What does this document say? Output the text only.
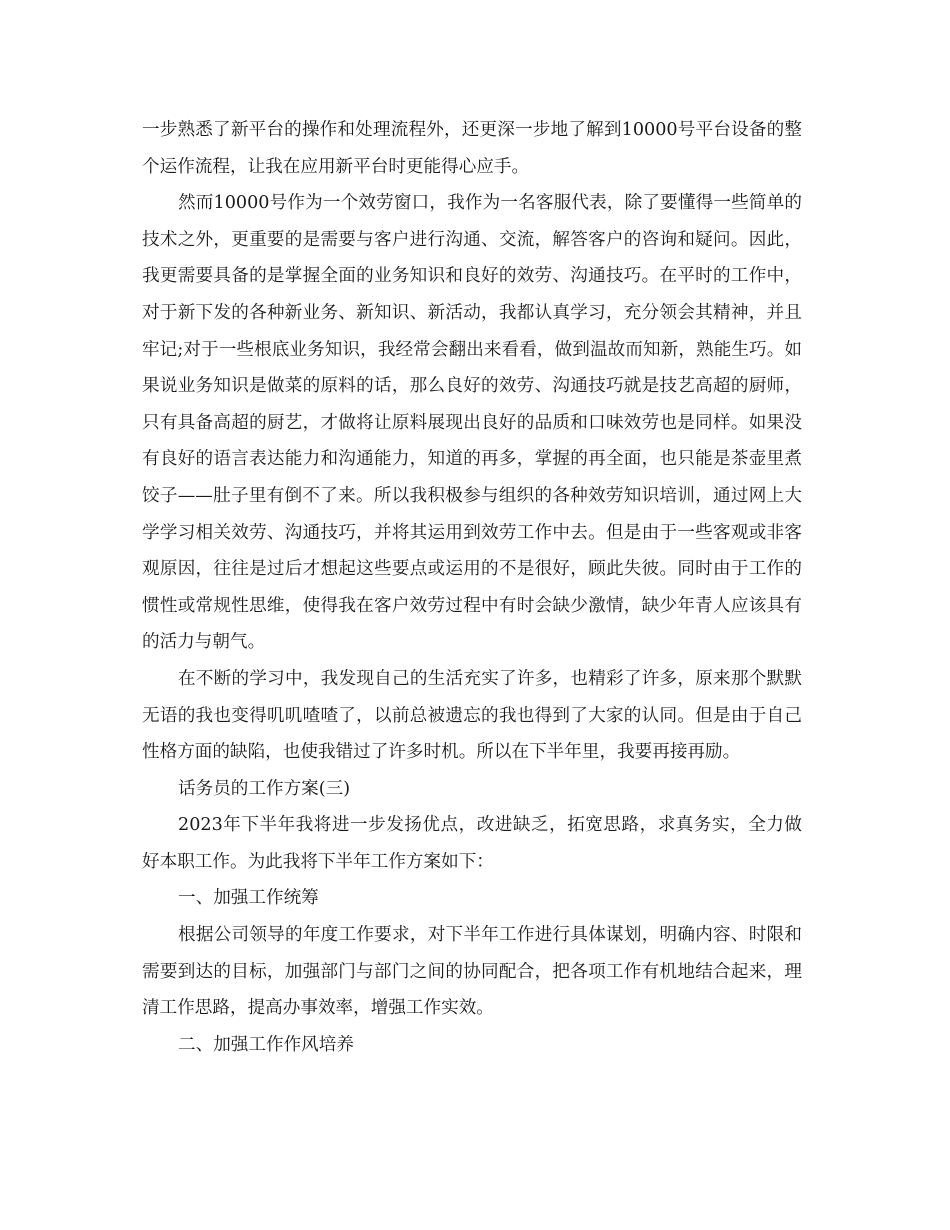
一步熟悉了新平台的操作和处理流程外，还更深一步地了解到10000号平台设备的整个运作流程，让我在应用新平台时更能得心应手。

然而10000号作为一个效劳窗口，我作为一名客服代表，除了要懂得一些简单的技术之外，更重要的是需要与客户进行沟通、交流，解答客户的咨询和疑问。因此，我更需要具备的是掌握全面的业务知识和良好的效劳、沟通技巧。在平时的工作中，对于新下发的各种新业务、新知识、新活动，我都认真学习，充分领会其精神，并且牢记;对于一些根底业务知识，我经常会翻出来看看，做到温故而知新，熟能生巧。如果说业务知识是做菜的原料的话，那么良好的效劳、沟通技巧就是技艺高超的厨师，只有具备高超的厨艺，才做将让原料展现出良好的品质和口味效劳也是同样。如果没有良好的语言表达能力和沟通能力，知道的再多，掌握的再全面，也只能是茶壶里煮饺子——肚子里有倒不了来。所以我积极参与组织的各种效劳知识培训，通过网上大学学习相关效劳、沟通技巧，并将其运用到效劳工作中去。但是由于一些客观或非客观原因，往往是过后才想起这些要点或运用的不是很好，顾此失彼。同时由于工作的惯性或常规性思维，使得我在客户效劳过程中有时会缺少激情，缺少年青人应该具有的活力与朝气。

在不断的学习中，我发现自己的生活充实了许多，也精彩了许多，原来那个默默无语的我也变得叽叽喳喳了，以前总被遗忘的我也得到了大家的认同。但是由于自己性格方面的缺陷，也使我错过了许多时机。所以在下半年里，我要再接再励。

话务员的工作方案(三)

2023年下半年我将进一步发扬优点，改进缺乏，拓宽思路，求真务实，全力做好本职工作。为此我将下半年工作方案如下：

一、加强工作统筹

根据公司领导的年度工作要求，对下半年工作进行具体谋划，明确内容、时限和需要到达的目标，加强部门与部门之间的协同配合，把各项工作有机地结合起来，理清工作思路，提高办事效率，增强工作实效。

二、加强工作作风培养
